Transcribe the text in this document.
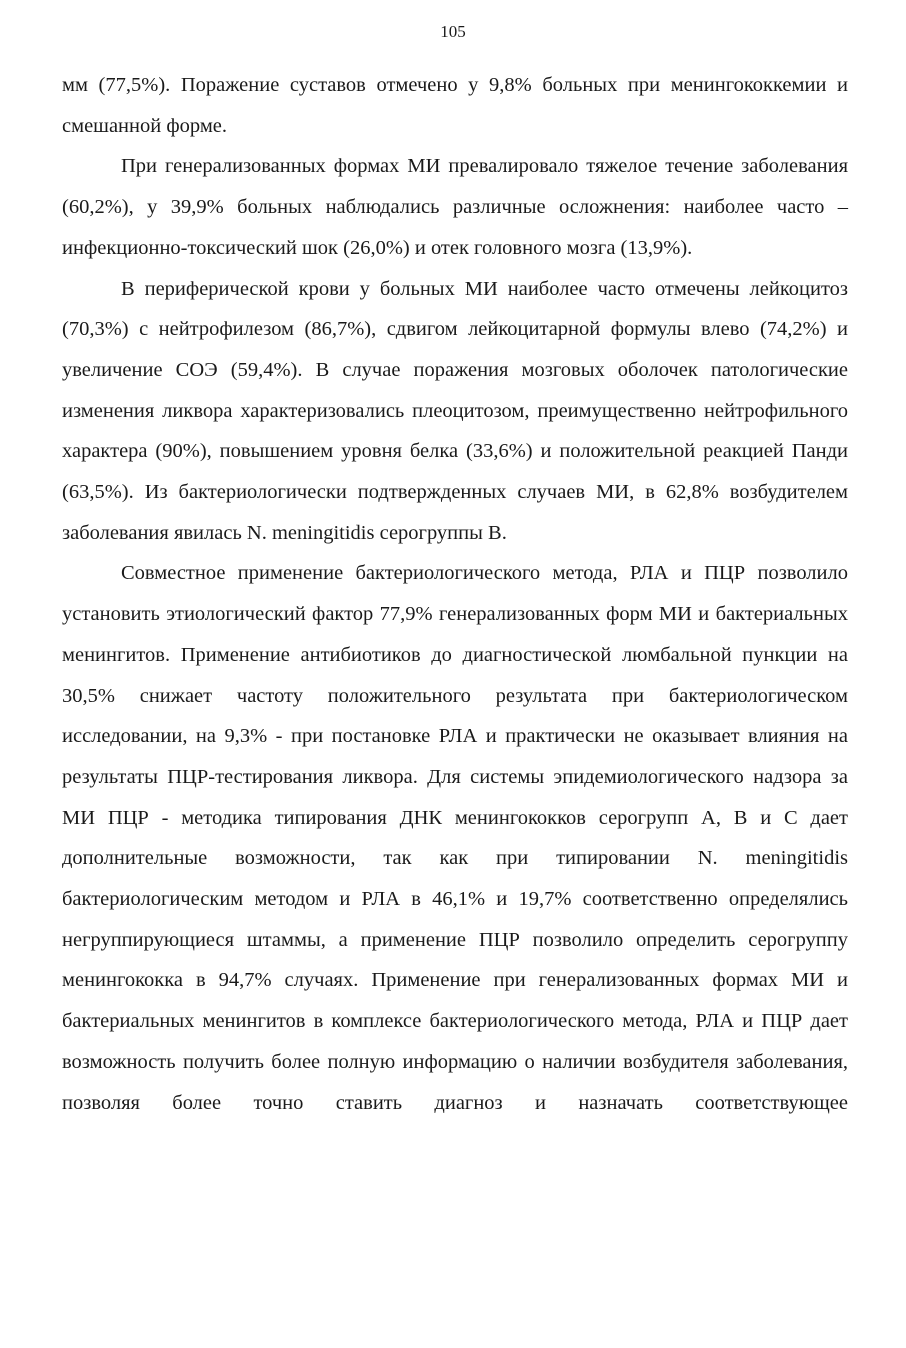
105

мм (77,5%). Поражение суставов отмечено у 9,8% больных при менингококкемии и смешанной форме.

При генерализованных формах МИ превалировало тяжелое течение заболевания (60,2%), у 39,9% больных наблюдались различные осложнения: наиболее часто – инфекционно-токсический шок (26,0%) и отек головного мозга (13,9%).

В периферической крови у больных МИ наиболее часто отмечены лейкоцитоз (70,3%) с нейтрофилезом (86,7%), сдвигом лейкоцитарной формулы влево (74,2%) и увеличение СОЭ (59,4%). В случае поражения мозговых оболочек патологические изменения ликвора характеризовались плеоцитозом, преимущественно нейтрофильного характера (90%), повышением уровня белка (33,6%) и положительной реакцией Панди (63,5%). Из бактериологически подтвержденных случаев МИ, в 62,8% возбудителем заболевания явилась N. meningitidis серогруппы В.

Совместное применение бактериологического метода, РЛА и ПЦР позволило установить этиологический фактор 77,9% генерализованных форм МИ и бактериальных менингитов. Применение антибиотиков до диагностической люмбальной пункции на 30,5% снижает частоту положительного результата при бактериологическом исследовании, на 9,3% - при постановке РЛА и практически не оказывает влияния на результаты ПЦР-тестирования ликвора. Для системы эпидемиологического надзора за МИ ПЦР - методика типирования ДНК менингококков серогрупп А, В и С дает дополнительные возможности, так как при типировании N. meningitidis бактериологическим методом и РЛА в 46,1% и 19,7% соответственно определялись негруппирующиеся штаммы, а применение ПЦР позволило определить серогруппу менингококка в 94,7% случаях. Применение при генерализованных формах МИ и бактериальных менингитов в комплексе бактериологического метода, РЛА и ПЦР дает возможность получить более полную информацию о наличии возбудителя заболевания, позволяя более точно ставить диагноз и назначать соответствующее
